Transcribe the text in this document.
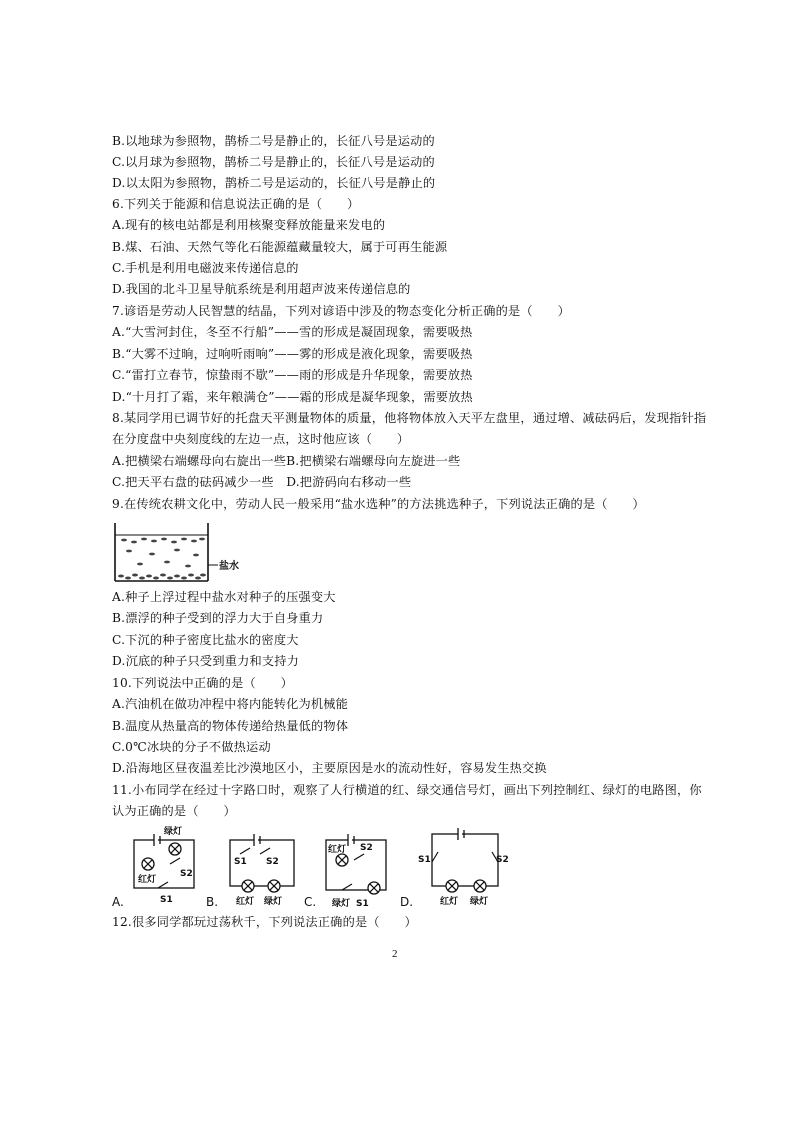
B.以地球为参照物，鹊桥二号是静止的，长征八号是运动的
C.以月球为参照物，鹊桥二号是静止的，长征八号是运动的
D.以太阳为参照物，鹊桥二号是运动的，长征八号是静止的
6.下列关于能源和信息说法正确的是（　　）
A.现有的核电站都是利用核聚变释放能量来发电的
B.煤、石油、天然气等化石能源蕴藏量较大，属于可再生能源
C.手机是利用电磁波来传递信息的
D.我国的北斗卫星导航系统是利用超声波来传递信息的
7.谚语是劳动人民智慧的结晶，下列对谚语中涉及的物态变化分析正确的是（　　）
A.“大雪河封住，冬至不行船”——雪的形成是凝固现象，需要吸热
B.“大雾不过晌，过响听雨响”——雾的形成是液化现象，需要吸热
C.“雷打立春节，惊蛰雨不歇”——雨的形成是升华现象，需要放热
D.“十月打了霜，来年粮满仓”——霜的形成是凝华现象，需要放热
8.某同学用已调节好的托盘天平测量物体的质量，他将物体放入天平左盘里，通过增、减砝码后，发现指针指
在分度盘中央刻度线的左边一点，这时他应该（　　）
A.把横梁右端螺母向右旋出一些B.把横梁右端螺母向左旋进一些
C.把天平右盘的砝码减少一些　D.把游码向右移动一些
9.在传统农耕文化中，劳动人民一般采用“盐水选种”的方法挑选种子，下列说法正确的是（　　）
盐水
A.种子上浮过程中盐水对种子的压强变大
B.漂浮的种子受到的浮力大于自身重力
C.下沉的种子密度比盐水的密度大
D.沉底的种子只受到重力和支持力
10.下列说法中正确的是（　　）
A.汽油机在做功冲程中将内能转化为机械能
B.温度从热量高的物体传递给热量低的物体
C.0℃冰块的分子不做热运动
D.沿海地区昼夜温差比沙漠地区小，主要原因是水的流动性好，容易发生热交换
11.小布同学在经过十字路口时，观察了人行横道的红、绿交通信号灯，画出下列控制红、绿灯的电路图，你
认为正确的是（　　）
绿灯
红灯
S2
S1
S1 S2
红灯 绿灯
红灯 S2
绿灯 S1
S1	S2
红灯 绿灯
A.	B.	C.	D.
12.很多同学都玩过荡秋千，下列说法正确的是（　　）
2
